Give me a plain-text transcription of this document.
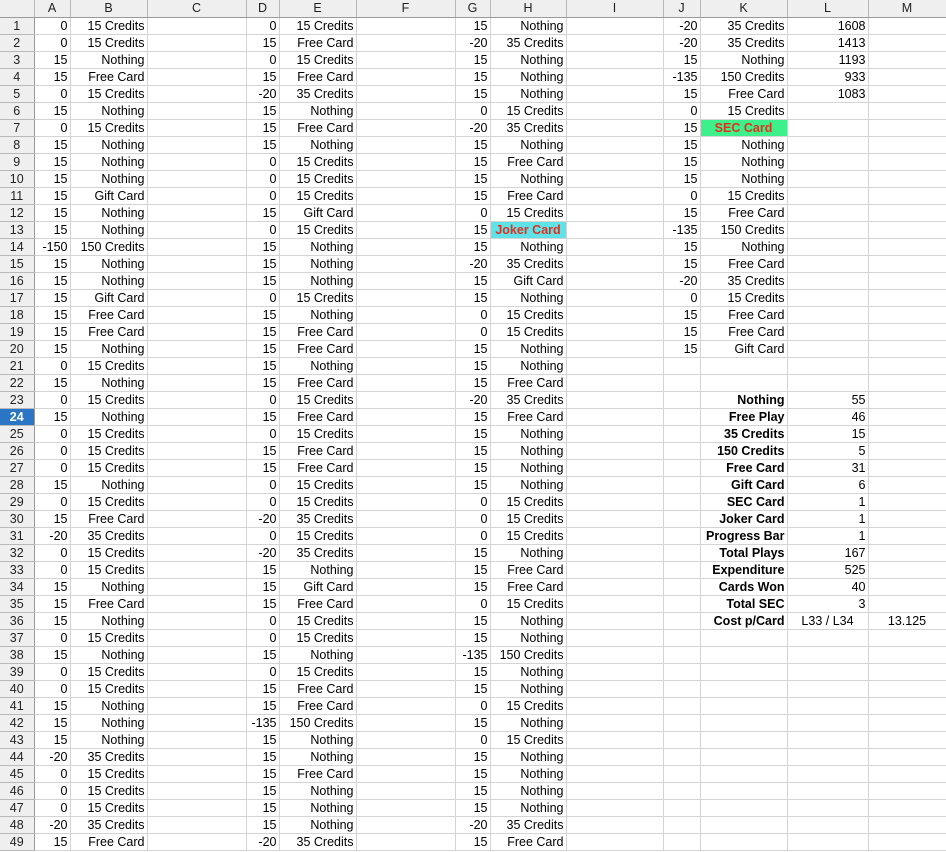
	A	B	C	D	E	F	G	H	I	J	K	L	M
1	0	15 Credits		0	15 Credits		15	Nothing		-20	35 Credits	1608	
2	0	15 Credits		15	Free Card		-20	35 Credits		-20	35 Credits	1413	
3	15	Nothing		0	15 Credits		15	Nothing		15	Nothing	1193	
4	15	Free Card		15	Free Card		15	Nothing		-135	150 Credits	933	
5	0	15 Credits		-20	35 Credits		15	Nothing		15	Free Card	1083	
6	15	Nothing		15	Nothing		0	15 Credits		0	15 Credits		
7	0	15 Credits		15	Free Card		-20	35 Credits		15	SEC Card		
8	15	Nothing		15	Nothing		15	Nothing		15	Nothing		
9	15	Nothing		0	15 Credits		15	Free Card		15	Nothing		
10	15	Nothing		0	15 Credits		15	Nothing		15	Nothing		
11	15	Gift Card		0	15 Credits		15	Free Card		0	15 Credits		
12	15	Nothing		15	Gift Card		0	15 Credits		15	Free Card		
13	15	Nothing		0	15 Credits		15	Joker Card		-135	150 Credits		
14	-150	150 Credits		15	Nothing		15	Nothing		15	Nothing		
15	15	Nothing		15	Nothing		-20	35 Credits		15	Free Card		
16	15	Nothing		15	Nothing		15	Gift Card		-20	35 Credits		
17	15	Gift Card		0	15 Credits		15	Nothing		0	15 Credits		
18	15	Free Card		15	Nothing		0	15 Credits		15	Free Card		
19	15	Free Card		15	Free Card		0	15 Credits		15	Free Card		
20	15	Nothing		15	Free Card		15	Nothing		15	Gift Card		
21	0	15 Credits		15	Nothing		15	Nothing					
22	15	Nothing		15	Free Card		15	Free Card					
23	0	15 Credits		0	15 Credits		-20	35 Credits			Nothing	55	
24	15	Nothing		15	Free Card		15	Free Card			Free Play	46	
25	0	15 Credits		0	15 Credits		15	Nothing			35 Credits	15	
26	0	15 Credits		15	Free Card		15	Nothing			150 Credits	5	
27	0	15 Credits		15	Free Card		15	Nothing			Free Card	31	
28	15	Nothing		0	15 Credits		15	Nothing			Gift Card	6	
29	0	15 Credits		0	15 Credits		0	15 Credits			SEC Card	1	
30	15	Free Card		-20	35 Credits		0	15 Credits			Joker Card	1	
31	-20	35 Credits		0	15 Credits		0	15 Credits			Progress Bar	1	
32	0	15 Credits		-20	35 Credits		15	Nothing			Total Plays	167	
33	0	15 Credits		15	Nothing		15	Free Card			Expenditure	525	
34	15	Nothing		15	Gift Card		15	Free Card			Cards Won	40	
35	15	Free Card		15	Free Card		0	15 Credits			Total SEC	3	
36	15	Nothing		0	15 Credits		15	Nothing			Cost p/Card	L33 / L34	13.125
37	0	15 Credits		0	15 Credits		15	Nothing					
38	15	Nothing		15	Nothing		-135	150 Credits					
39	0	15 Credits		0	15 Credits		15	Nothing					
40	0	15 Credits		15	Free Card		15	Nothing					
41	15	Nothing		15	Free Card		0	15 Credits					
42	15	Nothing		-135	150 Credits		15	Nothing					
43	15	Nothing		15	Nothing		0	15 Credits					
44	-20	35 Credits		15	Nothing		15	Nothing					
45	0	15 Credits		15	Free Card		15	Nothing					
46	0	15 Credits		15	Nothing		15	Nothing					
47	0	15 Credits		15	Nothing		15	Nothing					
48	-20	35 Credits		15	Nothing		-20	35 Credits					
49	15	Free Card		-20	35 Credits		15	Free Card					
